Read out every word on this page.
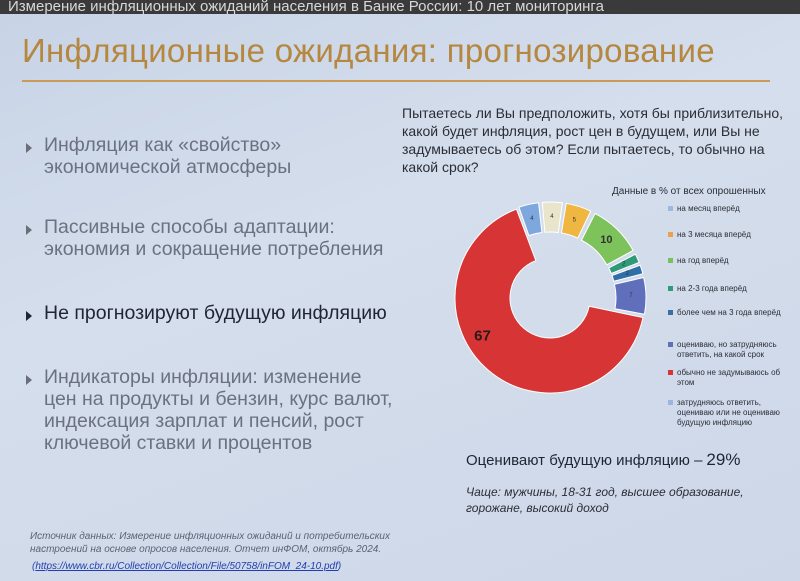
Измерение инфляционных ожиданий населения в Банке России: 10 лет мониторинга
Инфляционные ожидания: прогнозирование
Инфляция как «свойство»
экономической атмосферы
Пассивные способы адаптации:
экономия и сокращение потребления
Не прогнозируют будущую инфляцию
Индикаторы инфляции: изменение
цен на продукты и бензин, курс валют,
индексация зарплат и пенсий, рост
ключевой ставки и процентов
Пытаетесь ли Вы предположить, хотя бы приблизительно,
какой будет инфляция, рост цен в будущем, или Вы не
задумываетесь об этом? Если пытаетесь, то обычно на
какой срок?
Данные в % от всех опрошенных
4	4
5
10
2
2
7
67
на месяц вперёд
на 3 месяца вперёд
на год вперёд
на 2-3 года вперёд
более чем на 3 года вперёд
оцениваю, но затрудняюсь ответить, на какой срок
обычно не задумываюсь об этом
затрудняюсь ответить, оцениваю или не оцениваю будущую инфляцию
Оценивают будущую инфляцию – 29%
Чаще: мужчины, 18-31 год, высшее образование,
горожане, высокий доход
Источник данных: Измерение инфляционных ожиданий и потребительских
настроений на основе опросов населения. Отчет инФОМ, октябрь 2024.
(https://www.cbr.ru/Collection/Collection/File/50758/inFOM_24-10.pdf)
